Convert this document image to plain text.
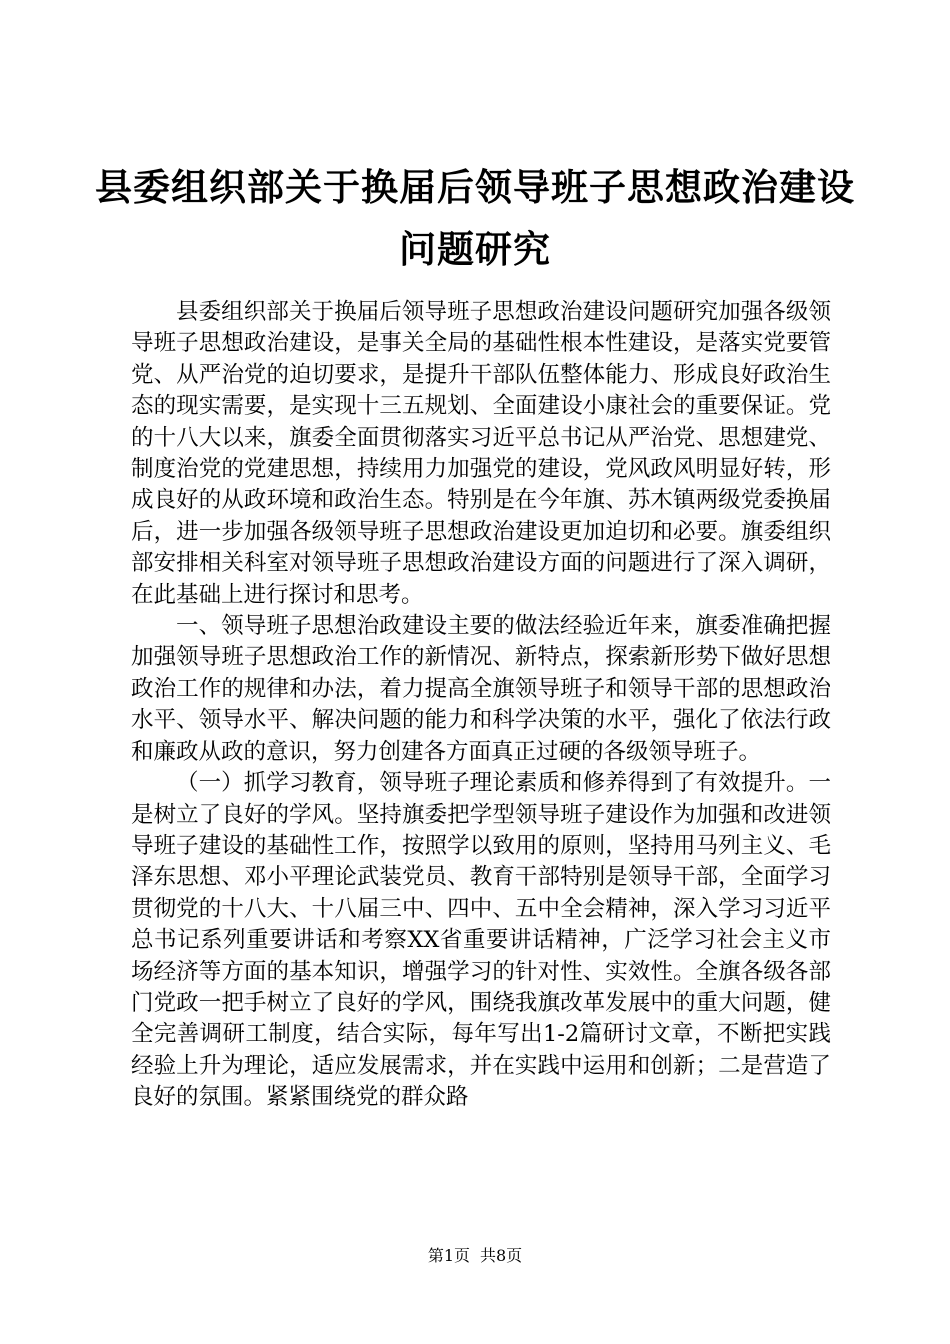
县委组织部关于换届后领导班子思想政治建设
问题研究

县委组织部关于换届后领导班子思想政治建设问题研究加强各级领导班子思想政治建设，是事关全局的基础性根本性建设，是落实党要管党、从严治党的迫切要求，是提升干部队伍整体能力、形成良好政治生态的现实需要，是实现十三五规划、全面建设小康社会的重要保证。党的十八大以来，旗委全面贯彻落实习近平总书记从严治党、思想建党、制度治党的党建思想，持续用力加强党的建设，党风政风明显好转，形成良好的从政环境和政治生态。特别是在今年旗、苏木镇两级党委换届后，进一步加强各级领导班子思想政治建设更加迫切和必要。旗委组织部安排相关科室对领导班子思想政治建设方面的问题进行了深入调研，在此基础上进行探讨和思考。

一、领导班子思想治政建设主要的做法经验近年来，旗委准确把握加强领导班子思想政治工作的新情况、新特点，探索新形势下做好思想政治工作的规律和办法，着力提高全旗领导班子和领导干部的思想政治水平、领导水平、解决问题的能力和科学决策的水平，强化了依法行政和廉政从政的意识，努力创建各方面真正过硬的各级领导班子。

（一）抓学习教育，领导班子理论素质和修养得到了有效提升。一是树立了良好的学风。坚持旗委把学型领导班子建设作为加强和改进领导班子建设的基础性工作，按照学以致用的原则，坚持用马列主义、毛泽东思想、邓小平理论武装党员、教育干部特别是领导干部，全面学习贯彻党的十八大、十八届三中、四中、五中全会精神，深入学习习近平总书记系列重要讲话和考察XX省重要讲话精神，广泛学习社会主义市场经济等方面的基本知识，增强学习的针对性、实效性。全旗各级各部门党政一把手树立了良好的学风，围绕我旗改革发展中的重大问题，健全完善调研工制度，结合实际，每年写出1-2篇研讨文章，不断把实践经验上升为理论，适应发展需求，并在实践中运用和创新；二是营造了良好的氛围。紧紧围绕党的群众路

第1页 共8页
